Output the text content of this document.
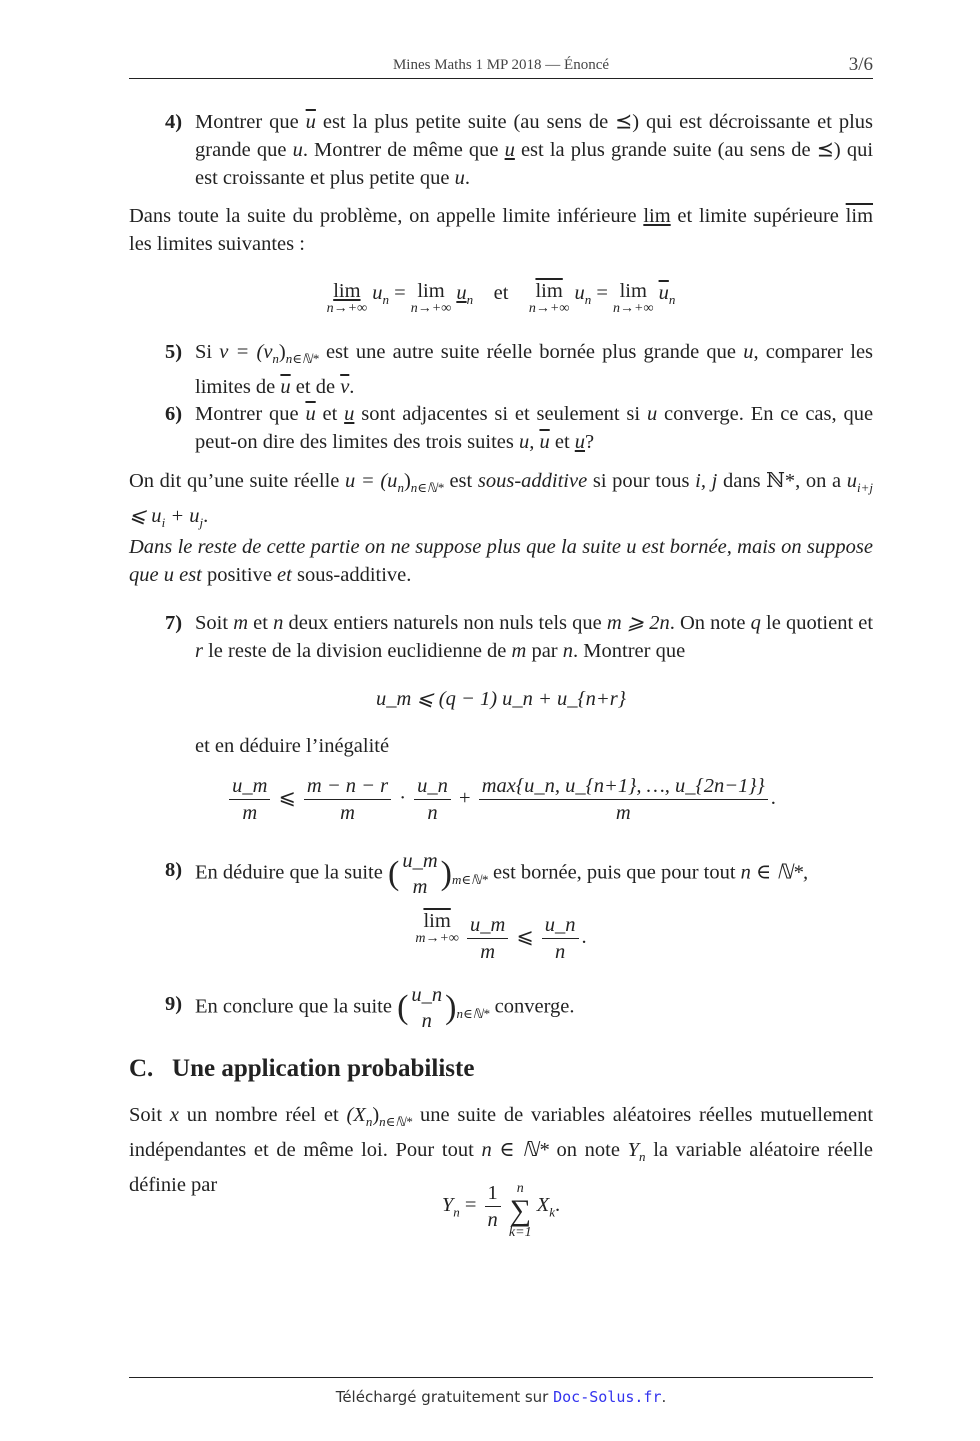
Mines Maths 1 MP 2018 — Énoncé	3/6
4) Montrer que $\overline{u}$ est la plus petite suite (au sens de ⪯) qui est décroissante et plus grande que u. Montrer de même que u est la plus grande suite (au sens de ⪯) qui est croissante et plus petite que u.
Dans toute la suite du problème, on appelle limite inférieure lim et limite supérieure $\overline{lim}$ les limites suivantes :
lim
n→+∞
$u_n = \lim$
n→+∞
$u_n$ et $\overline{lim}$
n→+∞
$u_n = \lim$
n→+∞
$\overline{u}_n$
5) Si $v = (v_n)_{n\in ℕ*}$ est une autre suite réelle bornée plus grande que u, comparer les limites de $\overline{u}$ et de $\overline{v}$.
6) Montrer que $\overline{u}$ et u sont adjacentes si et seulement si u converge. En ce cas, que peut-on dire des limites des trois suites u, $\overline{u}$ et u?
On dit qu’une suite réelle $u = (u_n)_{n\in ℕ*}$ est sous-additive si pour tous i, j dans ℕ*, on a $u_{i+j}$ ⩽ $u_i + u_j$.
Dans le reste de cette partie on ne suppose plus que la suite u est bornée, mais on suppose que u est positive et sous-additive.
7) Soit m et n deux entiers naturels non nuls tels que m ⩾ 2n. On note q le quotient et r le reste de la division euclidienne de m par n. Montrer que
u_m ⩽ (q − 1) u_n + u_{n+r}
et en déduire l’inégalité
$\frac{u\_m}{m}$ ⩽ $\frac{m - n - r}{m} \cdot \frac{u\_n}{n} + \frac{\max\{u\_n, u\_\{n+1\}, \dots, u\_\{2n-1\}\}}{m}$ .
8) En déduire que la suite ( u_m
m )$_{m\in ℕ*}$ est bornée, puis que pour tout n ∈ ℕ*,
$\overline{lim}$
m→+∞
$\frac{u\_m}{m}$ ⩽ $\frac{u\_n}{n}$ .
9) En conclure que la suite ( u_n
n )$_{n\in ℕ*}$ converge.
C.   Une application probabiliste
Soit x un nombre réel et $(X_n)_{n\in ℕ*}$ une suite de variables aléatoires réelles mutuellement indépendantes et de même loi. Pour tout n ∈ ℕ* on note $Y_n$ la variable aléatoire réelle définie par
$Y_n = \frac{1}{n}$
	n
∑
k=1
$X_k$.
Téléchargé gratuitement sur Doc-Solus.fr.
